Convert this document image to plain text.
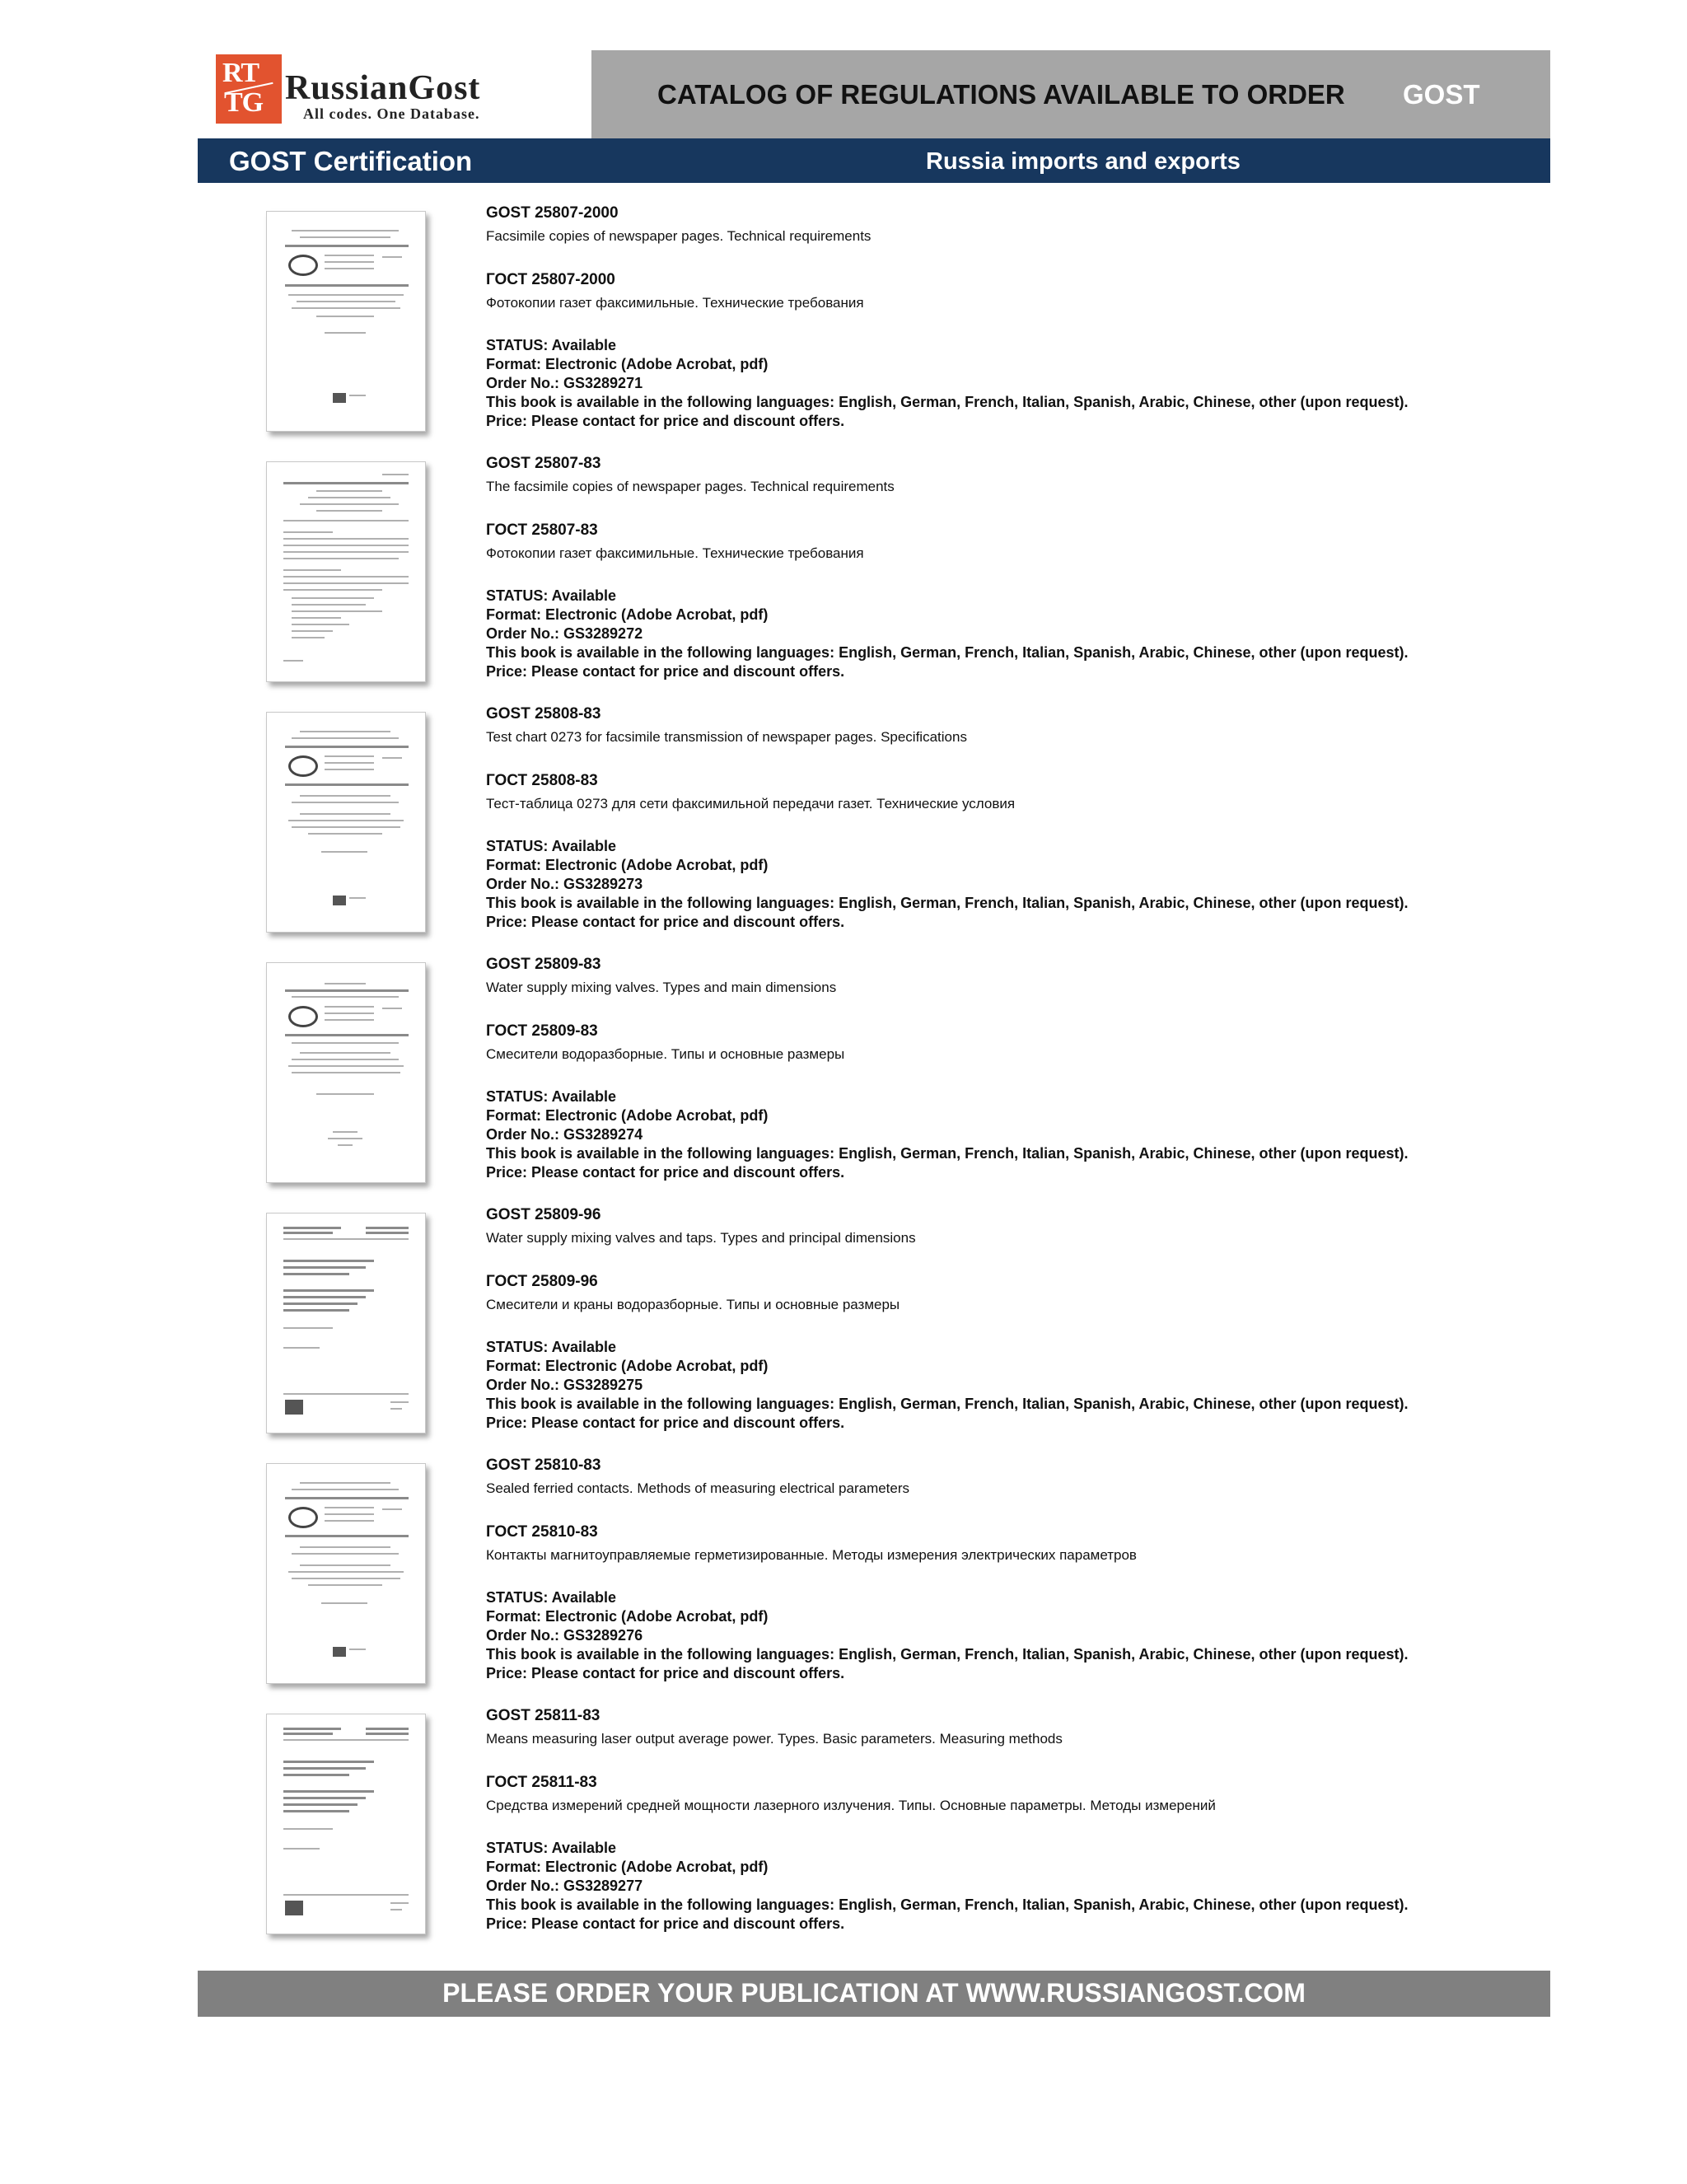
RT
TG RussianGost
All codes. One Database.
CATALOG OF REGULATIONS AVAILABLE TO ORDER GOST
GOST Certification	Russia imports and exports
GOST 25807-2000
Facsimile copies of newspaper pages. Technical requirements
ГОСТ 25807-2000
Фотокопии газет факсимильные. Технические требования
STATUS: Available
Format: Electronic (Adobe Acrobat, pdf)
Order No.: GS3289271
This book is available in the following languages: English, German, French, Italian, Spanish, Arabic, Chinese, other (upon request).
Price: Please contact for price and discount offers.
GOST 25807-83
The facsimile copies of newspaper pages. Technical requirements
ГОСТ 25807-83
Фотокопии газет факсимильные. Технические требования
STATUS: Available
Format: Electronic (Adobe Acrobat, pdf)
Order No.: GS3289272
This book is available in the following languages: English, German, French, Italian, Spanish, Arabic, Chinese, other (upon request).
Price: Please contact for price and discount offers.
GOST 25808-83
Test chart 0273 for facsimile transmission of newspaper pages. Specifications
ГОСТ 25808-83
Тест-таблица 0273 для сети факсимильной передачи газет. Технические условия
STATUS: Available
Format: Electronic (Adobe Acrobat, pdf)
Order No.: GS3289273
This book is available in the following languages: English, German, French, Italian, Spanish, Arabic, Chinese, other (upon request).
Price: Please contact for price and discount offers.
GOST 25809-83
Water supply mixing valves. Types and main dimensions
ГОСТ 25809-83
Смесители водоразборные. Типы и основные размеры
STATUS: Available
Format: Electronic (Adobe Acrobat, pdf)
Order No.: GS3289274
This book is available in the following languages: English, German, French, Italian, Spanish, Arabic, Chinese, other (upon request).
Price: Please contact for price and discount offers.
GOST 25809-96
Water supply mixing valves and taps. Types and principal dimensions
ГОСТ 25809-96
Смесители и краны водоразборные. Типы и основные размеры
STATUS: Available
Format: Electronic (Adobe Acrobat, pdf)
Order No.: GS3289275
This book is available in the following languages: English, German, French, Italian, Spanish, Arabic, Chinese, other (upon request).
Price: Please contact for price and discount offers.
GOST 25810-83
Sealed ferried contacts. Methods of measuring electrical parameters
ГОСТ 25810-83
Контакты магнитоуправляемые герметизированные. Методы измерения электрических параметров
STATUS: Available
Format: Electronic (Adobe Acrobat, pdf)
Order No.: GS3289276
This book is available in the following languages: English, German, French, Italian, Spanish, Arabic, Chinese, other (upon request).
Price: Please contact for price and discount offers.
GOST 25811-83
Means measuring laser output average power. Types. Basic parameters. Measuring methods
ГОСТ 25811-83
Средства измерений средней мощности лазерного излучения. Типы. Основные параметры. Методы измерений
STATUS: Available
Format: Electronic (Adobe Acrobat, pdf)
Order No.: GS3289277
This book is available in the following languages: English, German, French, Italian, Spanish, Arabic, Chinese, other (upon request).
Price: Please contact for price and discount offers.
PLEASE ORDER YOUR PUBLICATION AT WWW.RUSSIANGOST.COM
